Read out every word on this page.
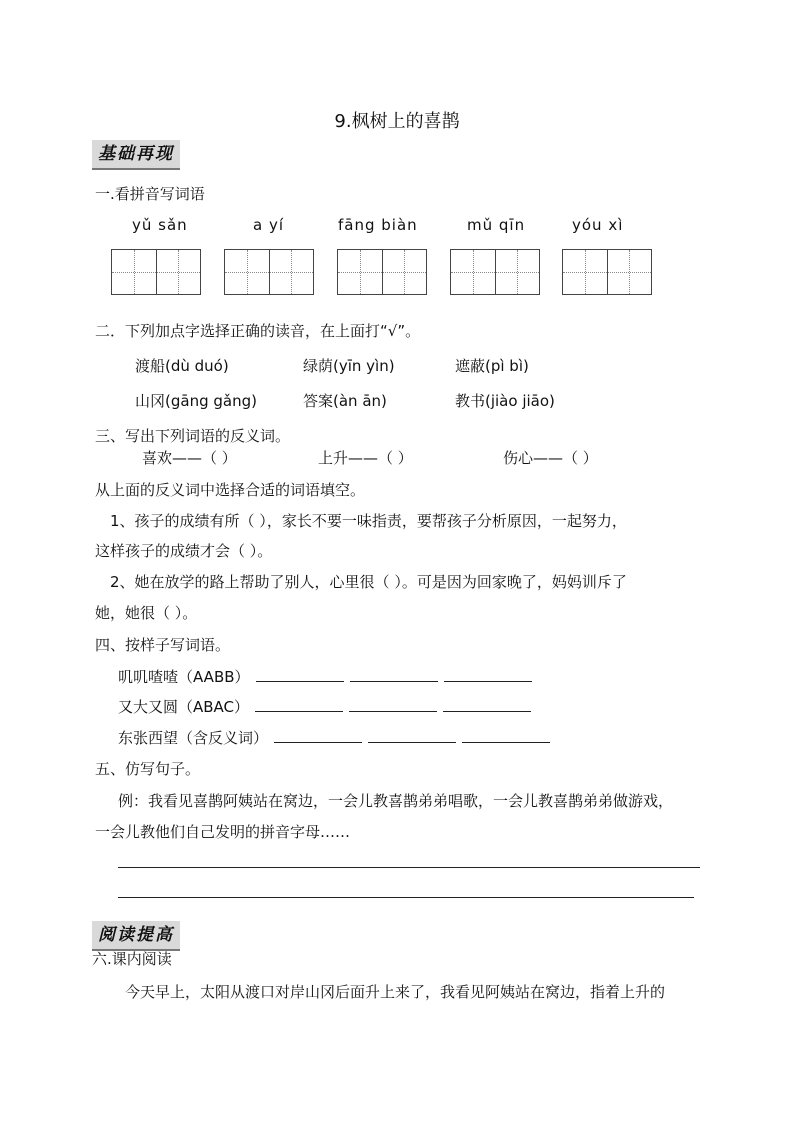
9.枫树上的喜鹊
基础再现
一.看拼音写词语
yǔ sǎn	a yí	fāng biàn	mǔ qīn	yóu xì
二．下列加点字选择正确的读音，在上面打“√”。
渡船(dù duó)	绿荫(yīn yìn)	遮蔽(pì bì)
山冈(gāng gǎng)	答案(àn ān)	教书(jiào jiāo)
三、写出下列词语的反义词。
喜欢——（ ）	上升——（ ）	伤心——（ ）
从上面的反义词中选择合适的词语填空。
1、孩子的成绩有所（ ），家长不要一味指责，要帮孩子分析原因，一起努力，
这样孩子的成绩才会（ ）。
2、她在放学的路上帮助了别人，心里很（ ）。可是因为回家晚了，妈妈训斥了
她，她很（ ）。
四、按样子写词语。
叽叽喳喳（AABB）
又大又圆（ABAC）
东张西望（含反义词）
五、仿写句子。
例：我看见喜鹊阿姨站在窝边，一会儿教喜鹊弟弟唱歌，一会儿教喜鹊弟弟做游戏，
一会儿教他们自己发明的拼音字母……
阅读提高
六.课内阅读
今天早上，太阳从渡口对岸山冈后面升上来了，我看见阿姨站在窝边，指着上升的
